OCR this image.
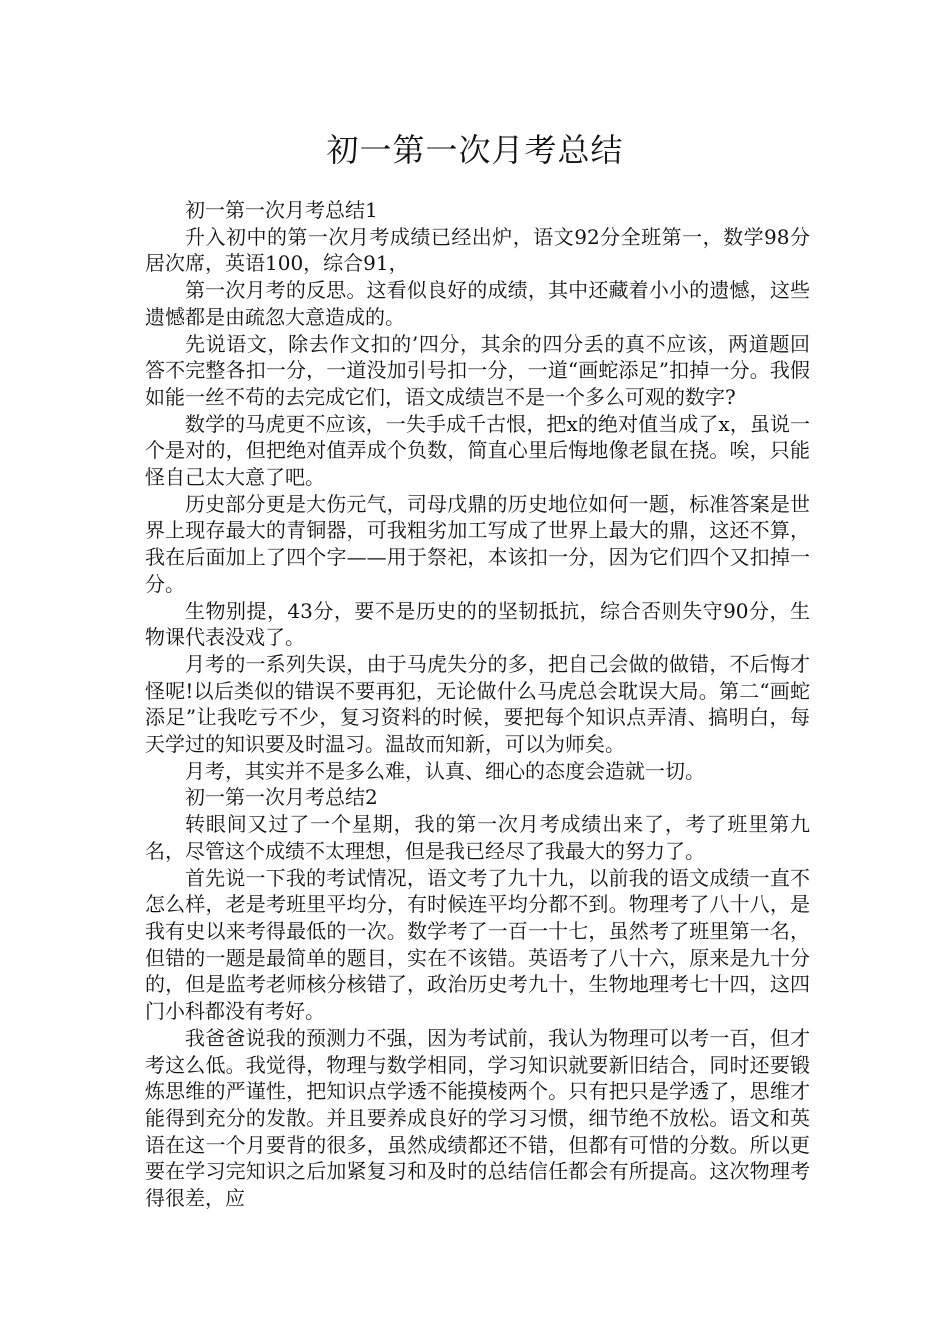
初一第一次月考总结

初一第一次月考总结1

升入初中的第一次月考成绩已经出炉，语文92分全班第一，数学98分居次席，英语100，综合91，

第一次月考的反思。这看似良好的成绩，其中还藏着小小的遗憾，这些遗憾都是由疏忽大意造成的。

先说语文，除去作文扣的’四分，其余的四分丢的真不应该，两道题回答不完整各扣一分，一道没加引号扣一分，一道“画蛇添足”扣掉一分。我假如能一丝不苟的去完成它们，语文成绩岂不是一个多么可观的数字?

数学的马虎更不应该，一失手成千古恨，把x的绝对值当成了x，虽说一个是对的，但把绝对值弄成个负数，简直心里后悔地像老鼠在挠。唉，只能怪自己太大意了吧。

历史部分更是大伤元气，司母戊鼎的历史地位如何一题，标准答案是世界上现存最大的青铜器，可我粗劣加工写成了世界上最大的鼎，这还不算，我在后面加上了四个字——用于祭祀，本该扣一分，因为它们四个又扣掉一分。

生物别提，43分，要不是历史的的坚韧抵抗，综合否则失守90分，生物课代表没戏了。

月考的一系列失误，由于马虎失分的多，把自己会做的做错，不后悔才怪呢!以后类似的错误不要再犯，无论做什么马虎总会耽误大局。第二“画蛇添足”让我吃亏不少，复习资料的时候，要把每个知识点弄清、搞明白，每天学过的知识要及时温习。温故而知新，可以为师矣。

月考，其实并不是多么难，认真、细心的态度会造就一切。

初一第一次月考总结2

转眼间又过了一个星期，我的第一次月考成绩出来了，考了班里第九名，尽管这个成绩不太理想，但是我已经尽了我最大的努力了。

首先说一下我的考试情况，语文考了九十九，以前我的语文成绩一直不怎么样，老是考班里平均分，有时候连平均分都不到。物理考了八十八，是我有史以来考得最低的一次。数学考了一百一十七，虽然考了班里第一名，但错的一题是最简单的题目，实在不该错。英语考了八十六，原来是九十分的，但是监考老师核分核错了，政治历史考九十，生物地理考七十四，这四门小科都没有考好。

我爸爸说我的预测力不强，因为考试前，我认为物理可以考一百，但才考这么低。我觉得，物理与数学相同，学习知识就要新旧结合，同时还要锻炼思维的严谨性，把知识点学透不能摸棱两个。只有把只是学透了，思维才能得到充分的发散。并且要养成良好的学习习惯，细节绝不放松。语文和英语在这一个月要背的很多，虽然成绩都还不错，但都有可惜的分数。所以更要在学习完知识之后加紧复习和及时的总结信任都会有所提高。这次物理考得很差，应
